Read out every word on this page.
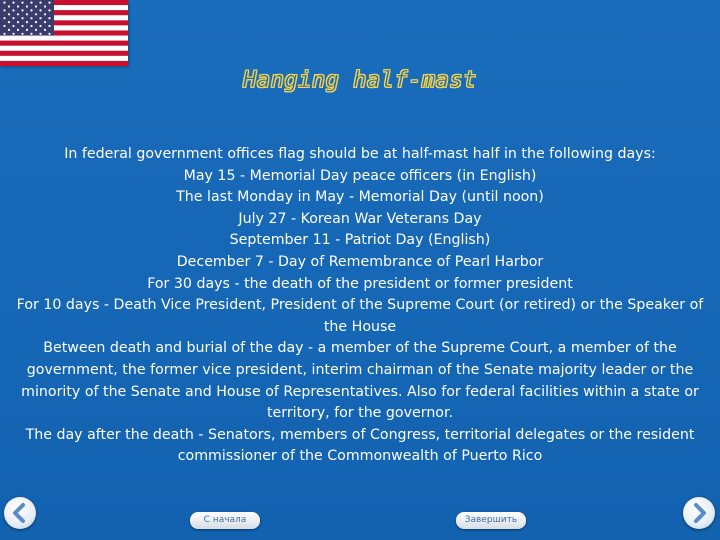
Hanging half-mast
In federal government offices flag should be at half-mast half in the following days:
May 15 - Memorial Day peace officers (in English)
The last Monday in May - Memorial Day (until noon)
July 27 - Korean War Veterans Day
September 11 - Patriot Day (English)
December 7 - Day of Remembrance of Pearl Harbor
For 30 days - the death of the president or former president
For 10 days - Death Vice President, President of the Supreme Court (or retired) or the Speaker of the House
Between death and burial of the day - a member of the Supreme Court, a member of the government, the former vice president, interim chairman of the Senate majority leader or the minority of the Senate and House of Representatives. Also for federal facilities within a state or territory, for the governor.
The day after the death - Senators, members of Congress, territorial delegates or the resident commissioner of the Commonwealth of Puerto Rico
С начала	Завершить
